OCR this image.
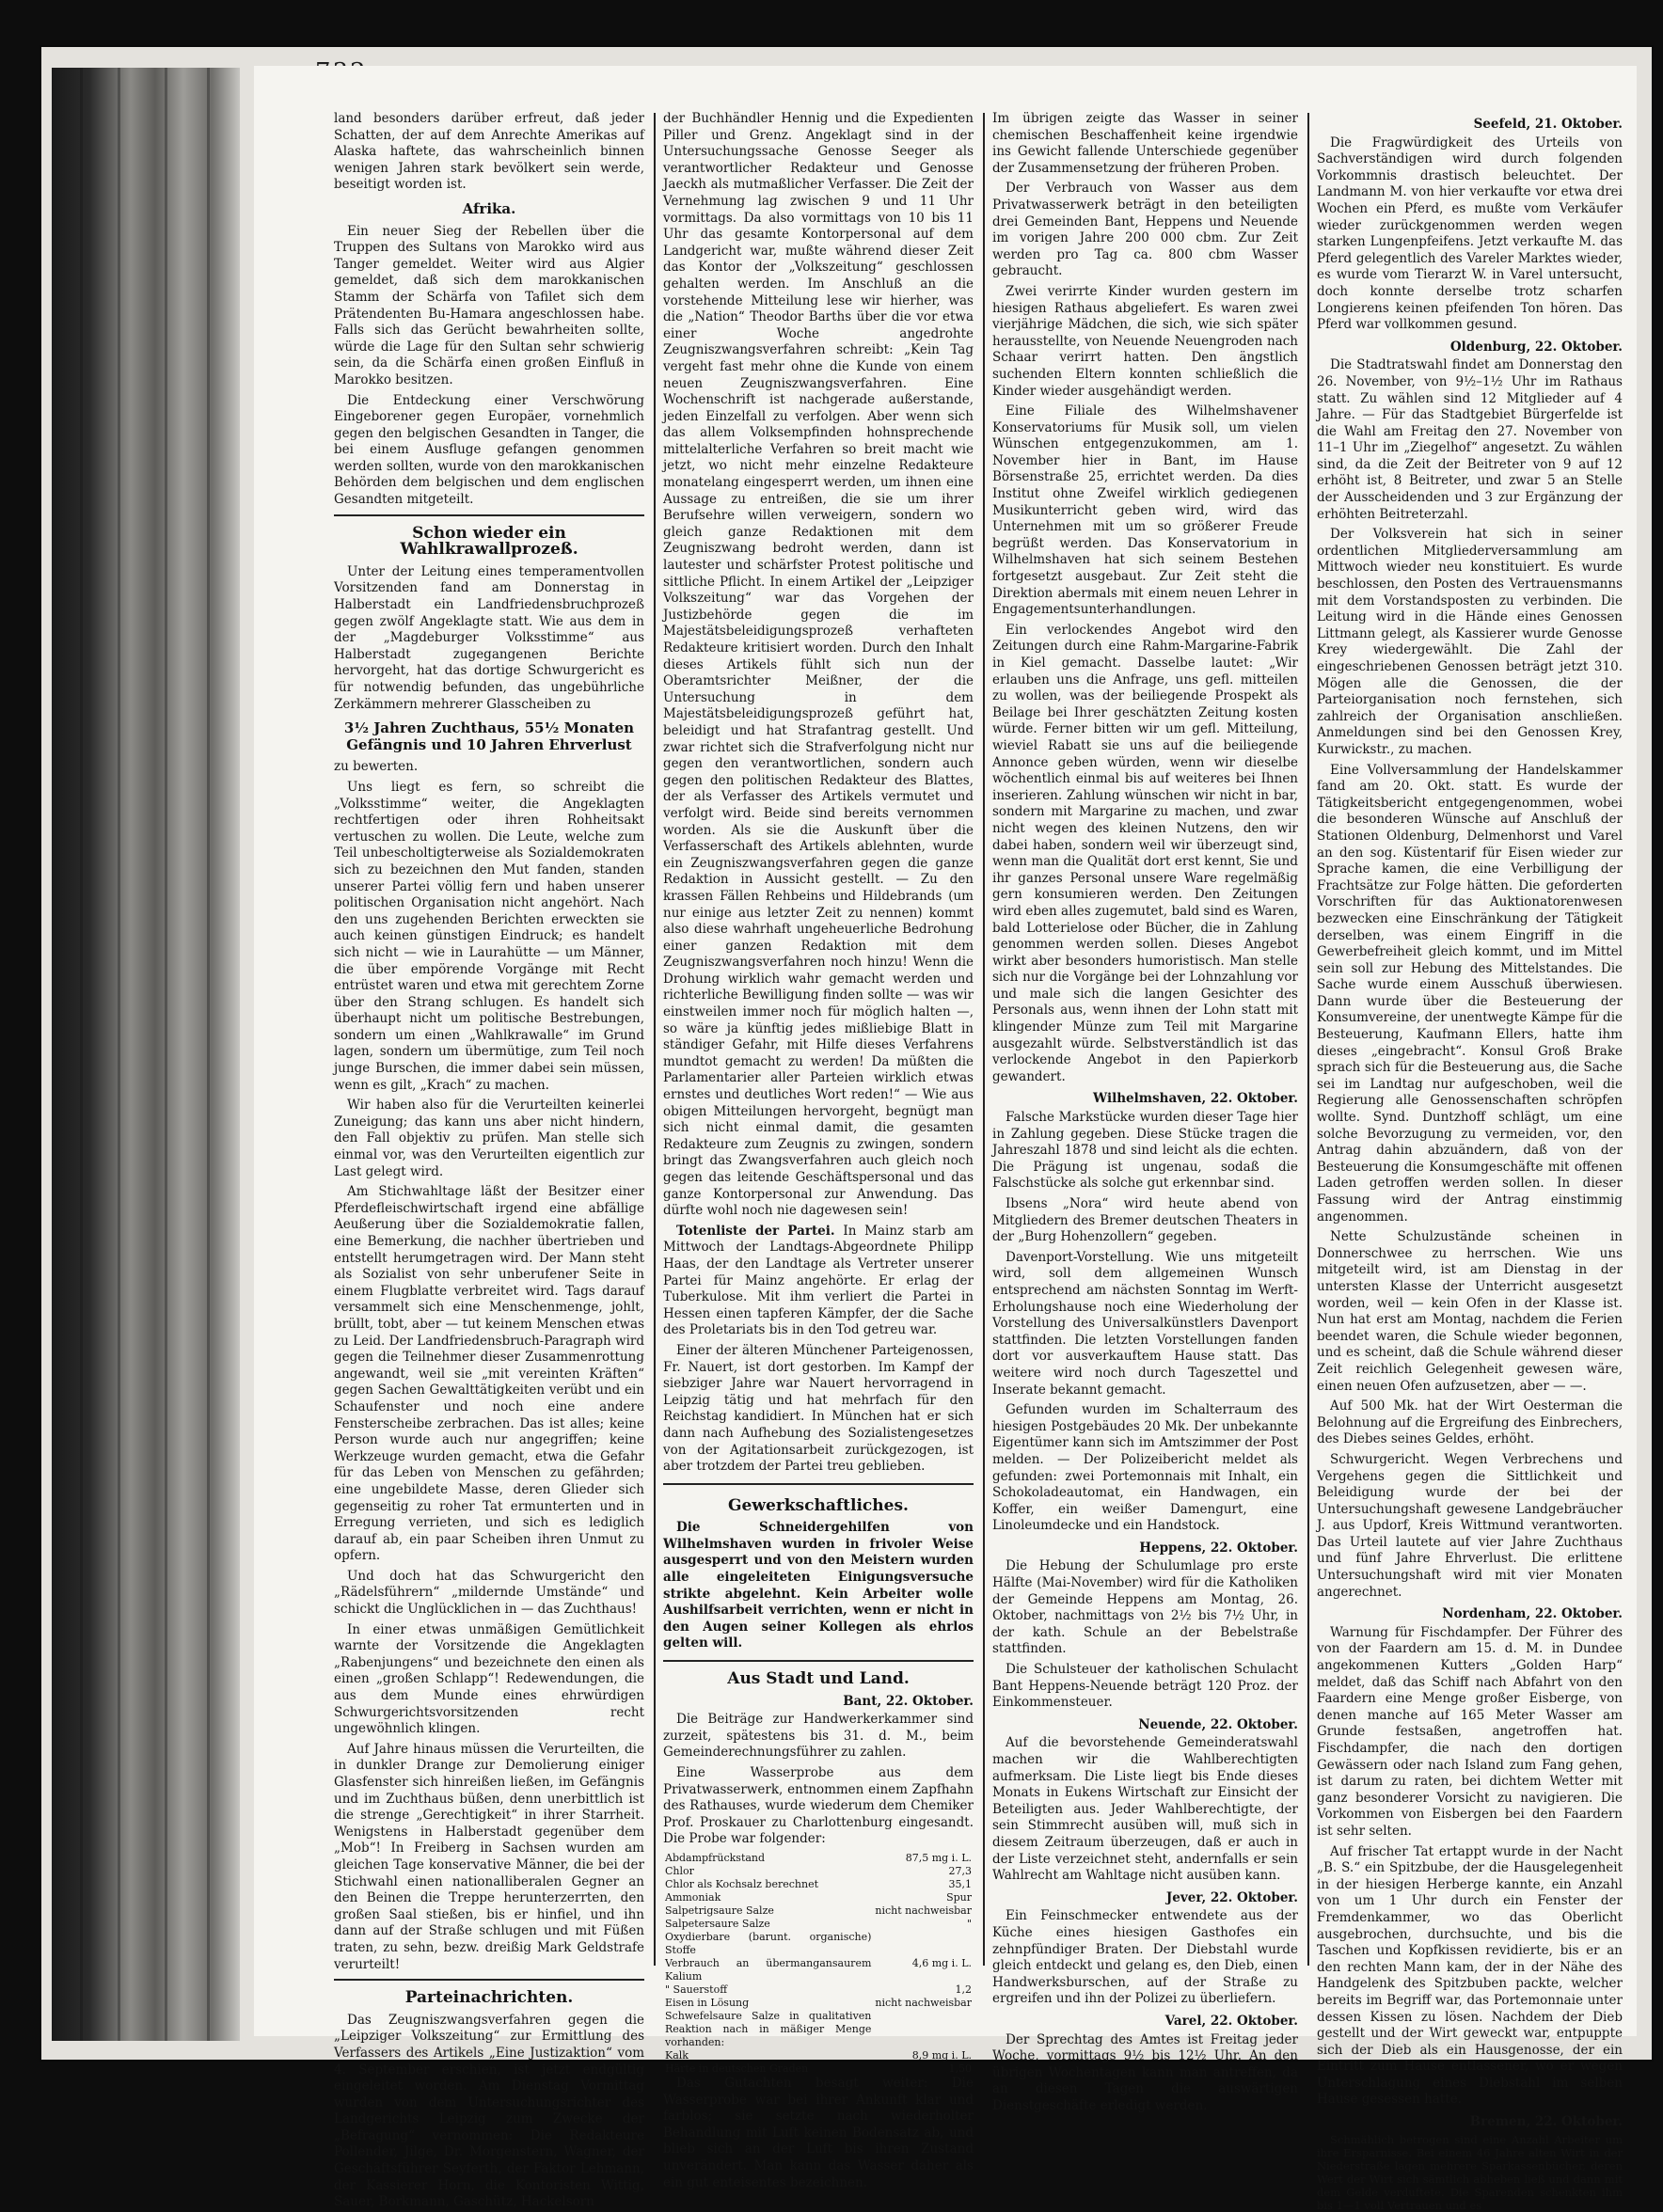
land besonders darüber erfreut, daß jeder Schatten, der auf dem Anrechte Amerikas auf Alaska haftete, das wahrscheinlich binnen wenigen Jahren stark bevölkert sein werde, beseitigt worden ist.

Afrika.

Ein neuer Sieg der Rebellen über die Truppen des Sultans von Marokko wird aus Tanger gemeldet. Weiter wird aus Algier gemeldet, daß sich dem marokkanischen Stamm der Schärfa von Tafilet sich dem Prätendenten Bu-Hamara angeschlossen habe. Falls sich das Gerücht bewahrheiten sollte, würde die Lage für den Sultan sehr schwierig sein, da die Schärfa einen großen Einfluß in Marokko besitzen.

Die Entdeckung einer Verschwörung Eingeborener gegen Europäer, vornehmlich gegen den belgischen Gesandten in Tanger, die bei einem Ausfluge gefangen genommen werden sollten, wurde von den marokkanischen Behörden dem belgischen und dem englischen Gesandten mitgeteilt.

Schon wieder ein Wahlkrawallprozeß.

Unter der Leitung eines temperamentvollen Vorsitzenden fand am Donnerstag in Halberstadt ein Landfriedensbruchprozeß gegen zwölf Angeklagte statt. Wie aus dem in der „Magdeburger Volksstimme“ aus Halberstadt zugegangenen Berichte hervorgeht, hat das dortige Schwurgericht es für notwendig befunden, das ungebührliche Zerkämmern mehrerer Glasscheiben zu

3½ Jahren Zuchthaus, 55½ Monaten Gefängnis und 10 Jahren Ehrverlust

zu bewerten.

Uns liegt es fern, so schreibt die „Volksstimme“ weiter, die Angeklagten rechtfertigen oder ihren Rohheitsakt vertuschen zu wollen. Die Leute, welche zum Teil unbescholtigterweise als Sozialdemokraten sich zu bezeichnen den Mut fanden, standen unserer Partei völlig fern und haben unserer politischen Organisation nicht angehört. Nach den uns zugehenden Berichten erweckten sie auch keinen günstigen Eindruck; es handelt sich nicht — wie in Laurahütte — um Männer, die über empörende Vorgänge mit Recht entrüstet waren und etwa mit gerechtem Zorne über den Strang schlugen. Es handelt sich überhaupt nicht um politische Bestrebungen, sondern um einen „Wahlkrawalle“ im Grund lagen, sondern um übermütige, zum Teil noch junge Burschen, die immer dabei sein müssen, wenn es gilt, „Krach“ zu machen.

Wir haben also für die Verurteilten keinerlei Zuneigung; das kann uns aber nicht hindern, den Fall objektiv zu prüfen. Man stelle sich einmal vor, was den Verurteilten eigentlich zur Last gelegt wird.

Am Stichwahltage läßt der Besitzer einer Pferdefleischwirtschaft irgend eine abfällige Aeußerung über die Sozialdemokratie fallen, eine Bemerkung, die nachher übertrieben und entstellt herumgetragen wird. Der Mann steht als Sozialist von sehr unberufener Seite in einem Flugblatte verbreitet wird. Tags darauf versammelt sich eine Menschenmenge, johlt, brüllt, tobt, aber — tut keinem Menschen etwas zu Leid. Der Landfriedensbruch-Paragraph wird gegen die Teilnehmer dieser Zusammenrottung angewandt, weil sie „mit vereinten Kräften“ gegen Sachen Gewalttätigkeiten verübt und ein Schaufenster und noch eine andere Fensterscheibe zerbrachen. Das ist alles; keine Person wurde auch nur angegriffen; keine Werkzeuge wurden gemacht, etwa die Gefahr für das Leben von Menschen zu gefährden; eine ungebildete Masse, deren Glieder sich gegenseitig zu roher Tat ermunterten und in Erregung verrieten, und sich es lediglich darauf ab, ein paar Scheiben ihren Unmut zu opfern.

Und doch hat das Schwurgericht den „Rädelsführern“ „mildernde Umstände“ und schickt die Unglücklichen in — das Zuchthaus!

In einer etwas unmäßigen Gemütlichkeit warnte der Vorsitzende die Angeklagten „Rabenjungens“ und bezeichnete den einen als einen „großen Schlapp“! Redewendungen, die aus dem Munde eines ehrwürdigen Schwurgerichtsvorsitzenden recht ungewöhnlich klingen.

Auf Jahre hinaus müssen die Verurteilten, die in dunkler Drange zur Demolierung einiger Glasfenster sich hinreißen ließen, im Gefängnis und im Zuchthaus büßen, denn unerbittlich ist die strenge „Gerechtigkeit“ in ihrer Starrheit. Wenigstens in Halberstadt gegenüber dem „Mob“! In Freiberg in Sachsen wurden am gleichen Tage konservative Männer, die bei der Stichwahl einen nationalliberalen Gegner an den Beinen die Treppe herunterzerrten, den großen Saal stießen, bis er hinfiel, und ihn dann auf der Straße schlugen und mit Füßen traten, zu sehn, bezw. dreißig Mark Geldstrafe verurteilt!

Parteinachrichten.

Das Zeugniszwangsverfahren gegen die „Leipziger Volkszeitung“ zur Ermittlung des Verfassers des Artikels „Eine Justizaktion“ vom 4. September erschien, ist jetzt endgültig eingeleitet worden. Am Dienstag Vormittag wurden von dem Untersuchungsrichter des Landgerichts Leipzig zum Zwecke der „Befragung“ vernommen: Die Redakteure Pollender, Jilge, Dr. Morgenstern, Wagner, der Geschäftsführer Seyferth, der Faktor Lehmann, der Kassierer Horn, die Kontoristen Wittig, Sauer, Borkmann, Gaschütz, Hackelsorn

der Buchhändler Hennig und die Expedienten Piller und Grenz. Angeklagt sind in der Untersuchungssache Genosse Seeger als verantwortlicher Redakteur und Genosse Jaeckh als mutmaßlicher Verfasser. Die Zeit der Vernehmung lag zwischen 9 und 11 Uhr vormittags. Da also vormittags von 10 bis 11 Uhr das gesamte Kontorpersonal auf dem Landgericht war, mußte während dieser Zeit das Kontor der „Volkszeitung“ geschlossen gehalten werden. Im Anschluß an die vorstehende Mitteilung lese wir hierher, was die „Nation“ Theodor Barths über die vor etwa einer Woche angedrohte Zeugniszwangsverfahren schreibt: „Kein Tag vergeht fast mehr ohne die Kunde von einem neuen Zeugniszwangsverfahren. Eine Wochenschrift ist nachgerade außerstande, jeden Einzelfall zu verfolgen. Aber wenn sich das allem Volksempfinden hohnsprechende mittelalterliche Verfahren so breit macht wie jetzt, wo nicht mehr einzelne Redakteure monatelang eingesperrt werden, um ihnen eine Aussage zu entreißen, die sie um ihrer Berufsehre willen verweigern, sondern wo gleich ganze Redaktionen mit dem Zeugniszwang bedroht werden, dann ist lautester und schärfster Protest politische und sittliche Pflicht. In einem Artikel der „Leipziger Volkszeitung“ war das Vorgehen der Justizbehörde gegen die im Majestätsbeleidigungsprozeß verhafteten Redakteure kritisiert worden. Durch den Inhalt dieses Artikels fühlt sich nun der Oberamtsrichter Meißner, der die Untersuchung in dem Majestätsbeleidigungsprozeß geführt hat, beleidigt und hat Strafantrag gestellt. Und zwar richtet sich die Strafverfolgung nicht nur gegen den verantwortlichen, sondern auch gegen den politischen Redakteur des Blattes, der als Verfasser des Artikels vermutet und verfolgt wird. Beide sind bereits vernommen worden. Als sie die Auskunft über die Verfasserschaft des Artikels ablehnten, wurde ein Zeugniszwangsverfahren gegen die ganze Redaktion in Aussicht gestellt. — Zu den krassen Fällen Rehbeins und Hildebrands (um nur einige aus letzter Zeit zu nennen) kommt also diese wahrhaft ungeheuerliche Bedrohung einer ganzen Redaktion mit dem Zeugniszwangsverfahren noch hinzu! Wenn die Drohung wirklich wahr gemacht werden und richterliche Bewilligung finden sollte — was wir einstweilen immer noch für möglich halten —, so wäre ja künftig jedes mißliebige Blatt in ständiger Gefahr, mit Hilfe dieses Verfahrens mundtot gemacht zu werden! Da müßten die Parlamentarier aller Parteien wirklich etwas ernstes und deutliches Wort reden!“ — Wie aus obigen Mitteilungen hervorgeht, begnügt man sich nicht einmal damit, die gesamten Redakteure zum Zeugnis zu zwingen, sondern bringt das Zwangsverfahren auch gleich noch gegen das leitende Geschäftspersonal und das ganze Kontorpersonal zur Anwendung. Das dürfte wohl noch nie dagewesen sein!

Totenliste der Partei. In Mainz starb am Mittwoch der Landtags-Abgeordnete Philipp Haas, der den Landtage als Vertreter unserer Partei für Mainz angehörte. Er erlag der Tuberkulose. Mit ihm verliert die Partei in Hessen einen tapferen Kämpfer, der die Sache des Proletariats bis in den Tod getreu war.

Einer der älteren Münchener Parteigenossen, Fr. Nauert, ist dort gestorben. Im Kampf der siebziger Jahre war Nauert hervorragend in Leipzig tätig und hat mehrfach für den Reichstag kandidiert. In München hat er sich dann nach Aufhebung des Sozialistengesetzes von der Agitationsarbeit zurückgezogen, ist aber trotzdem der Partei treu geblieben.

Gewerkschaftliches.

Die Schneidergehilfen von Wilhelmshaven wurden in frivoler Weise ausgesperrt und von den Meistern wurden alle eingeleiteten Einigungsversuche strikte abgelehnt. Kein Arbeiter wolle Aushilfsarbeit verrichten, wenn er nicht in den Augen seiner Kollegen als ehrlos gelten will.

Aus Stadt und Land.
Bant, 22. Oktober.

Die Beiträge zur Handwerkerkammer sind zurzeit, spätestens bis 31. d. M., beim Gemeinderechnungsführer zu zahlen.

Eine Wasserprobe aus dem Privatwasserwerk, entnommen einem Zapfhahn des Rathauses, wurde wiederum dem Chemiker Prof. Proskauer zu Charlottenburg eingesandt. Die Probe war folgender:

Abdampfrückstand	87,5 mg i. L.
Chlor	27,3
Chlor als Kochsalz berechnet	35,1
Ammoniak	Spur
Salpetrigsaure Salze	nicht nachweisbar
Salpetersaure Salze	"
Oxydierbare (barunt. organische) Stoffe	
Verbrauch an übermangansaurem Kalium	4,6 mg i. L.
" Sauerstoff	1,2
Eisen in Lösung	nicht nachweisbar
Schwefelsaure Salze in qualitativen Reaktion nach in mäßiger Menge vorhanden:	
Kalk	8,9 mg i. L.
Härte in deutschen Graden	1,50

Das Gutachten besagt weiter: Die Wasserprobe war bei ihrer Ankunft klar und farblos; sie setzte nach wiederholter Behandlung mit Luft keinen Bodensatz ab, und blieb sich an der Luft bis ihren Zustand unverändert. Man kann das Wasser daher als ein gut enteisentes bezeichnen.

Im übrigen zeigte das Wasser in seiner chemischen Beschaffenheit keine irgendwie ins Gewicht fallende Unterschiede gegenüber der Zusammensetzung der früheren Proben.

Der Verbrauch von Wasser aus dem Privatwasserwerk beträgt in den beteiligten drei Gemeinden Bant, Heppens und Neuende im vorigen Jahre 200 000 cbm. Zur Zeit werden pro Tag ca. 800 cbm Wasser gebraucht.

Zwei verirrte Kinder wurden gestern im hiesigen Rathaus abgeliefert. Es waren zwei vierjährige Mädchen, die sich, wie sich später herausstellte, von Neuende Neuengroden nach Schaar verirrt hatten. Den ängstlich suchenden Eltern konnten schließlich die Kinder wieder ausgehändigt werden.

Eine Filiale des Wilhelmshavener Konservatoriums für Musik soll, um vielen Wünschen entgegenzukommen, am 1. November hier in Bant, im Hause Börsenstraße 25, errichtet werden. Da dies Institut ohne Zweifel wirklich gediegenen Musikunterricht geben wird, wird das Unternehmen mit um so größerer Freude begrüßt werden. Das Konservatorium in Wilhelmshaven hat sich seinem Bestehen fortgesetzt ausgebaut. Zur Zeit steht die Direktion abermals mit einem neuen Lehrer in Engagementsunterhandlungen.

Ein verlockendes Angebot wird den Zeitungen durch eine Rahm-Margarine-Fabrik in Kiel gemacht. Dasselbe lautet: „Wir erlauben uns die Anfrage, uns gefl. mitteilen zu wollen, was der beiliegende Prospekt als Beilage bei Ihrer geschätzten Zeitung kosten würde. Ferner bitten wir um gefl. Mitteilung, wieviel Rabatt sie uns auf die beiliegende Annonce geben würden, wenn wir dieselbe wöchentlich einmal bis auf weiteres bei Ihnen inserieren. Zahlung wünschen wir nicht in bar, sondern mit Margarine zu machen, und zwar nicht wegen des kleinen Nutzens, den wir dabei haben, sondern weil wir überzeugt sind, wenn man die Qualität dort erst kennt, Sie und ihr ganzes Personal unsere Ware regelmäßig gern konsumieren werden. Den Zeitungen wird eben alles zugemutet, bald sind es Waren, bald Lotterielose oder Bücher, die in Zahlung genommen werden sollen. Dieses Angebot wirkt aber besonders humoristisch. Man stelle sich nur die Vorgänge bei der Lohnzahlung vor und male sich die langen Gesichter des Personals aus, wenn ihnen der Lohn statt mit klingender Münze zum Teil mit Margarine ausgezahlt würde. Selbstverständlich ist das verlockende Angebot in den Papierkorb gewandert.

Wilhelmshaven, 22. Oktober.

Falsche Markstücke wurden dieser Tage hier in Zahlung gegeben. Diese Stücke tragen die Jahreszahl 1878 und sind leicht als die echten. Die Prägung ist ungenau, sodaß die Falschstücke als solche gut erkennbar sind.

Ibsens „Nora“ wird heute abend von Mitgliedern des Bremer deutschen Theaters in der „Burg Hohenzollern“ gegeben.

Davenport-Vorstellung. Wie uns mitgeteilt wird, soll dem allgemeinen Wunsch entsprechend am nächsten Sonntag im Werft-Erholungshause noch eine Wiederholung der Vorstellung des Universalkünstlers Davenport stattfinden. Die letzten Vorstellungen fanden dort vor ausverkauftem Hause statt. Das weitere wird noch durch Tageszettel und Inserate bekannt gemacht.

Gefunden wurden im Schalterraum des hiesigen Postgebäudes 20 Mk. Der unbekannte Eigentümer kann sich im Amtszimmer der Post melden. — Der Polizeibericht meldet als gefunden: zwei Portemonnais mit Inhalt, ein Schokoladeautomat, ein Handwagen, ein Koffer, ein weißer Damengurt, eine Linoleumdecke und ein Handstock.

Heppens, 22. Oktober.

Die Hebung der Schulumlage pro erste Hälfte (Mai-November) wird für die Katholiken der Gemeinde Heppens am Montag, 26. Oktober, nachmittags von 2½ bis 7½ Uhr, in der kath. Schule an der Bebelstraße stattfinden.

Die Schulsteuer der katholischen Schulacht Bant Heppens-Neuende beträgt 120 Proz. der Einkommensteuer.

Neuende, 22. Oktober.

Auf die bevorstehende Gemeinderatswahl machen wir die Wahlberechtigten aufmerksam. Die Liste liegt bis Ende dieses Monats in Eukens Wirtschaft zur Einsicht der Beteiligten aus. Jeder Wahlberechtigte, der sein Stimmrecht ausüben will, muß sich in diesem Zeitraum überzeugen, daß er auch in der Liste verzeichnet steht, andernfalls er sein Wahlrecht am Wahltage nicht ausüben kann.

Jever, 22. Oktober.

Ein Feinschmecker entwendete aus der Küche eines hiesigen Gasthofes ein zehnpfündiger Braten. Der Diebstahl wurde gleich entdeckt und gelang es, den Dieb, einen Handwerksburschen, auf der Straße zu ergreifen und ihn der Polizei zu überliefern.

Varel, 22. Oktober.

Der Sprechtag des Amtes ist Freitag jeder Woche, vormittags 9½ bis 12½ Uhr. An den übrigen Wochentagen kann man antreffen, da an diesen Tagen die auswärtigen Dienstgeschäfte erledigt werden.

Seefeld, 21. Oktober.

Die Fragwürdigkeit des Urteils von Sachverständigen wird durch folgenden Vorkommnis drastisch beleuchtet. Der Landmann M. von hier verkaufte vor etwa drei Wochen ein Pferd, es mußte vom Verkäufer wieder zurückgenommen werden wegen starken Lungenpfeifens. Jetzt verkaufte M. das Pferd gelegentlich des Vareler Marktes wieder, es wurde vom Tierarzt W. in Varel untersucht, doch konnte derselbe trotz scharfen Longierens keinen pfeifenden Ton hören. Das Pferd war vollkommen gesund.

Oldenburg, 22. Oktober.

Die Stadtratswahl findet am Donnerstag den 26. November, von 9½–1½ Uhr im Rathaus statt. Zu wählen sind 12 Mitglieder auf 4 Jahre. — Für das Stadtgebiet Bürgerfelde ist die Wahl am Freitag den 27. November von 11–1 Uhr im „Ziegelhof“ angesetzt. Zu wählen sind, da die Zeit der Beitreter von 9 auf 12 erhöht ist, 8 Beitreter, und zwar 5 an Stelle der Ausscheidenden und 3 zur Ergänzung der erhöhten Beitreterzahl.

Der Volksverein hat sich in seiner ordentlichen Mitgliederversammlung am Mittwoch wieder neu konstituiert. Es wurde beschlossen, den Posten des Vertrauensmanns mit dem Vorstandsposten zu verbinden. Die Leitung wird in die Hände eines Genossen Littmann gelegt, als Kassierer wurde Genosse Krey wiedergewählt. Die Zahl der eingeschriebenen Genossen beträgt jetzt 310. Mögen alle die Genossen, die der Parteiorganisation noch fernstehen, sich zahlreich der Organisation anschließen. Anmeldungen sind bei den Genossen Krey, Kurwickstr., zu machen.

Eine Vollversammlung der Handelskammer fand am 20. Okt. statt. Es wurde der Tätigkeitsbericht entgegengenommen, wobei die besonderen Wünsche auf Anschluß der Stationen Oldenburg, Delmenhorst und Varel an den sog. Küstentarif für Eisen wieder zur Sprache kamen, die eine Verbilligung der Frachtsätze zur Folge hätten. Die geforderten Vorschriften für das Auktionatorenwesen bezwecken eine Einschränkung der Tätigkeit derselben, was einem Eingriff in die Gewerbefreiheit gleich kommt, und im Mittel sein soll zur Hebung des Mittelstandes. Die Sache wurde einem Ausschuß überwiesen. Dann wurde über die Besteuerung der Konsumvereine, der unentwegte Kämpe für die Besteuerung, Kaufmann Ellers, hatte ihm dieses „eingebracht“. Konsul Groß Brake sprach sich für die Besteuerung aus, die Sache sei im Landtag nur aufgeschoben, weil die Regierung alle Genossenschaften schröpfen wollte. Synd. Duntzhoff schlägt, um eine solche Bevorzugung zu vermeiden, vor, den Antrag dahin abzuändern, daß von der Besteuerung die Konsumgeschäfte mit offenen Laden getroffen werden sollen. In dieser Fassung wird der Antrag einstimmig angenommen.

Nette Schulzustände scheinen in Donnerschwee zu herrschen. Wie uns mitgeteilt wird, ist am Dienstag in der untersten Klasse der Unterricht ausgesetzt worden, weil — kein Ofen in der Klasse ist. Nun hat erst am Montag, nachdem die Ferien beendet waren, die Schule wieder begonnen, und es scheint, daß die Schule während dieser Zeit reichlich Gelegenheit gewesen wäre, einen neuen Ofen aufzusetzen, aber — —.

Auf 500 Mk. hat der Wirt Oesterman die Belohnung auf die Ergreifung des Einbrechers, des Diebes seines Geldes, erhöht.

Schwurgericht. Wegen Verbrechens und Vergehens gegen die Sittlichkeit und Beleidigung wurde der bei der Untersuchungshaft gewesene Landgebräucher J. aus Updorf, Kreis Wittmund verantworten. Das Urteil lautete auf vier Jahre Zuchthaus und fünf Jahre Ehrverlust. Die erlittene Untersuchungshaft wird mit vier Monaten angerechnet.

Nordenham, 22. Oktober.

Warnung für Fischdampfer. Der Führer des von der Faardern am 15. d. M. in Dundee angekommenen Kutters „Golden Harp“ meldet, daß das Schiff nach Abfahrt von den Faardern eine Menge großer Eisberge, von denen manche auf 165 Meter Wasser am Grunde festsaßen, angetroffen hat. Fischdampfer, die nach den dortigen Gewässern oder nach Island zum Fang gehen, ist darum zu raten, bei dichtem Wetter mit ganz besonderer Vorsicht zu navigieren. Die Vorkommen von Eisbergen bei den Faardern ist sehr selten.

Auf frischer Tat ertappt wurde in der Nacht „B. S.“ ein Spitzbube, der die Hausgelegenheit in der hiesigen Herberge kannte, ein Anzahl von um 1 Uhr durch ein Fenster der Fremdenkammer, wo das Oberlicht ausgebrochen, durchsuchte, und bis die Taschen und Kopfkissen revidierte, bis er an den rechten Mann kam, der in der Nähe des Handgelenk des Spitzbuben packte, welcher bereits im Begriff war, das Portemonnaie unter dessen Kissen zu lösen. Nachdem der Dieb gestellt und der Wirt geweckt war, entpuppte sich der Dieb als ein Hausgenosse, der ein Eintritt zum Hause entlassener, wo er wegen Unterschlagung eines Diebstahl im selben Hause gesessen hatte.

Bremen, 22. Oktober.

Schmählich betrogen sind eine Anzahl Arbeiter um ihre Ersparnisse. Bei einem 46 Jahre alten Wirt in der Niederstraße lagen mehrere Sparkassenbücher, deren Wert der Wirt sich sämtlich abheben ließ und dann mit dem Gelde verduftete. Die Sparenden schenkten ihm bis 1—1 voll Vertrauen und es
